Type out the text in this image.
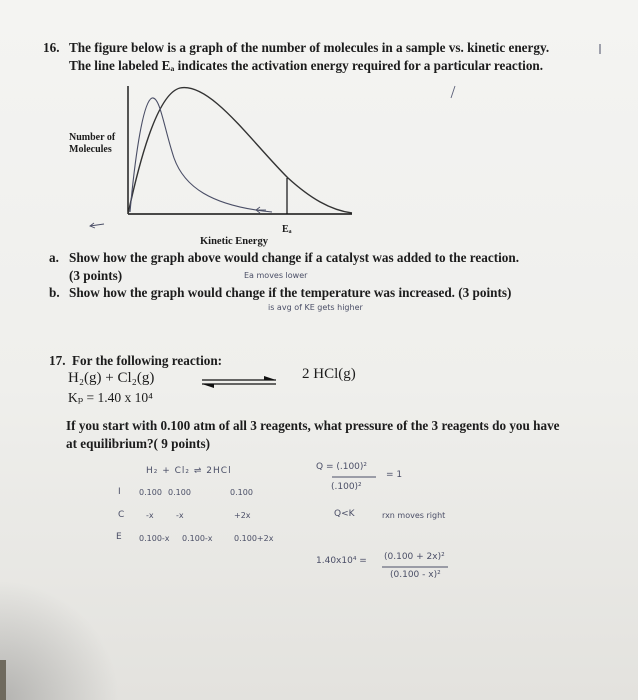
16. The figure below is a graph of the number of molecules in a sample vs. kinetic energy.
The line labeled Eₐ indicates the activation energy required for a particular reaction.
Number of
Molecules
Eₐ
Kinetic Energy
a. Show how the graph above would change if a catalyst was added to the reaction.
(3 points)	Ea moves lower
b. Show how the graph would change if the temperature was increased. (3 points)
is avg of KE gets higher
17. For the following reaction:
H₂(g) + Cl₂(g)	2 HCl(g)
Kₚ = 1.40 x 10⁴
If you start with 0.100 atm of all 3 reagents, what pressure of the 3 reagents do you have
at equilibrium?( 9 points)
H₂ + Cl₂ ⇌ 2HCl
I 0.100 0.100	0.100
C	-x	-x	+2x
E 0.100-x 0.100-x	0.100+2x
Q = (.100)²
= 1
(.100)²
Q<K	rxn moves right
1.40x10⁴ = (0.100 + 2x)²
(0.100 - x)²
